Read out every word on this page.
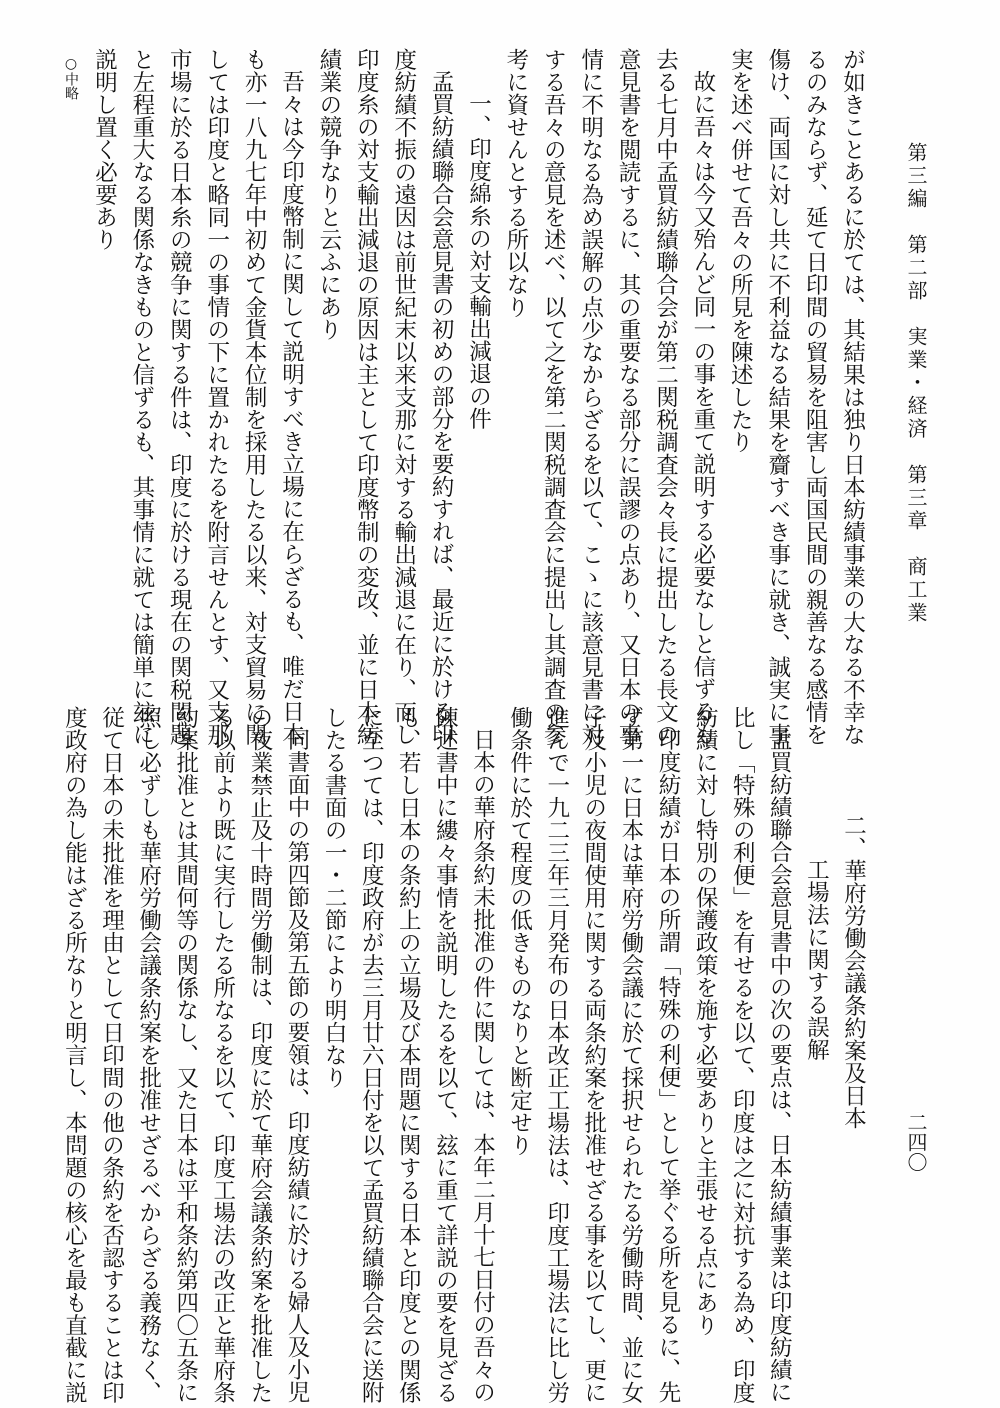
第三編　第二部　実業・経済　第三章　商工業
二四〇
が如きことあるに於ては、其結果は独り日本紡績事業の大なる不幸な
るのみならず、延て日印間の貿易を阻害し両国民間の親善なる感情を
傷け、両国に対し共に不利益なる結果を齎すべき事に就き、誠実に事
実を述べ併せて吾々の所見を陳述したり
故に吾々は今又殆んど同一の事を重て説明する必要なしと信ずるも
去る七月中孟買紡績聯合会が第二関税調査会々長に提出したる長文の
意見書を閲読するに、其の重要なる部分に誤謬の点あり、又日本の事
情に不明なる為め誤解の点少なからざるを以て、こゝに該意見書に対
する吾々の意見を述べ、以て之を第二関税調査会に提出し其調査の参
考に資せんとする所以なり
一、印度綿糸の対支輸出減退の件
孟買紡績聯合会意見書の初めの部分を要約すれば、最近に於ける印
度紡績不振の遠因は前世紀末以来支那に対する輸出減退に在り、而し
印度糸の対支輸出減退の原因は主として印度幣制の変改、並に日本紡
績業の競争なりと云ふにあり
吾々は今印度幣制に関して説明すべき立場に在らざるも、唯だ日本
も亦一八九七年中初めて金貨本位制を採用したる以来、対支貿易に関
しては印度と略同一の事情の下に置かれたるを附言せんとす、又支那
市場に於る日本糸の競争に関する件は、印度に於ける現在の関税問題
と左程重大なる関係なきものと信ずるも、其事情に就ては簡単に玆に
説明し置く必要あり
○中略
二、華府労働会議条約案及日本
工場法に関する誤解
孟買紡績聯合会意見書中の次の要点は、日本紡績事業は印度紡績に
比し「特殊の利便」を有せるを以て、印度は之に対抗する為め、印度
紡績に対し特別の保護政策を施す必要ありと主張せる点にあり
印度紡績が日本の所謂「特殊の利便」として挙ぐる所を見るに、先
ず第一に日本は華府労働会議に於て採択せられたる労働時間、並に女
子及小児の夜間使用に関する両条約案を批准せざる事を以てし、更に
進んで一九二三年三月発布の日本改正工場法は、印度工場法に比し労
働条件に於て程度の低きものなりと断定せり
日本の華府条約未批准の件に関しては、本年二月十七日付の吾々の
陳述書中に縷々事情を説明したるを以て、玆に重て詳説の要を見ざる
も、若し日本の条約上の立場及び本問題に関する日本と印度との関係
に至つては、印度政府が去三月廿六日付を以て孟買紡績聯合会に送附
したる書面の一・二節により明白なり
同書面中の第四節及第五節の要領は、印度紡績に於ける婦人及小児
の夜業禁止及十時間労働制は、印度に於て華府会議条約案を批准した
る以前より既に実行したる所なるを以て、印度工場法の改正と華府条
約案批准とは其間何等の関係なし、又た日本は平和条約第四〇五条に
照し必ずしも華府労働会議条約案を批准せざるべからざる義務なく、
従て日本の未批准を理由として日印間の他の条約を否認することは印
度政府の為し能はざる所なりと明言し、本問題の核心を最も直截に説
